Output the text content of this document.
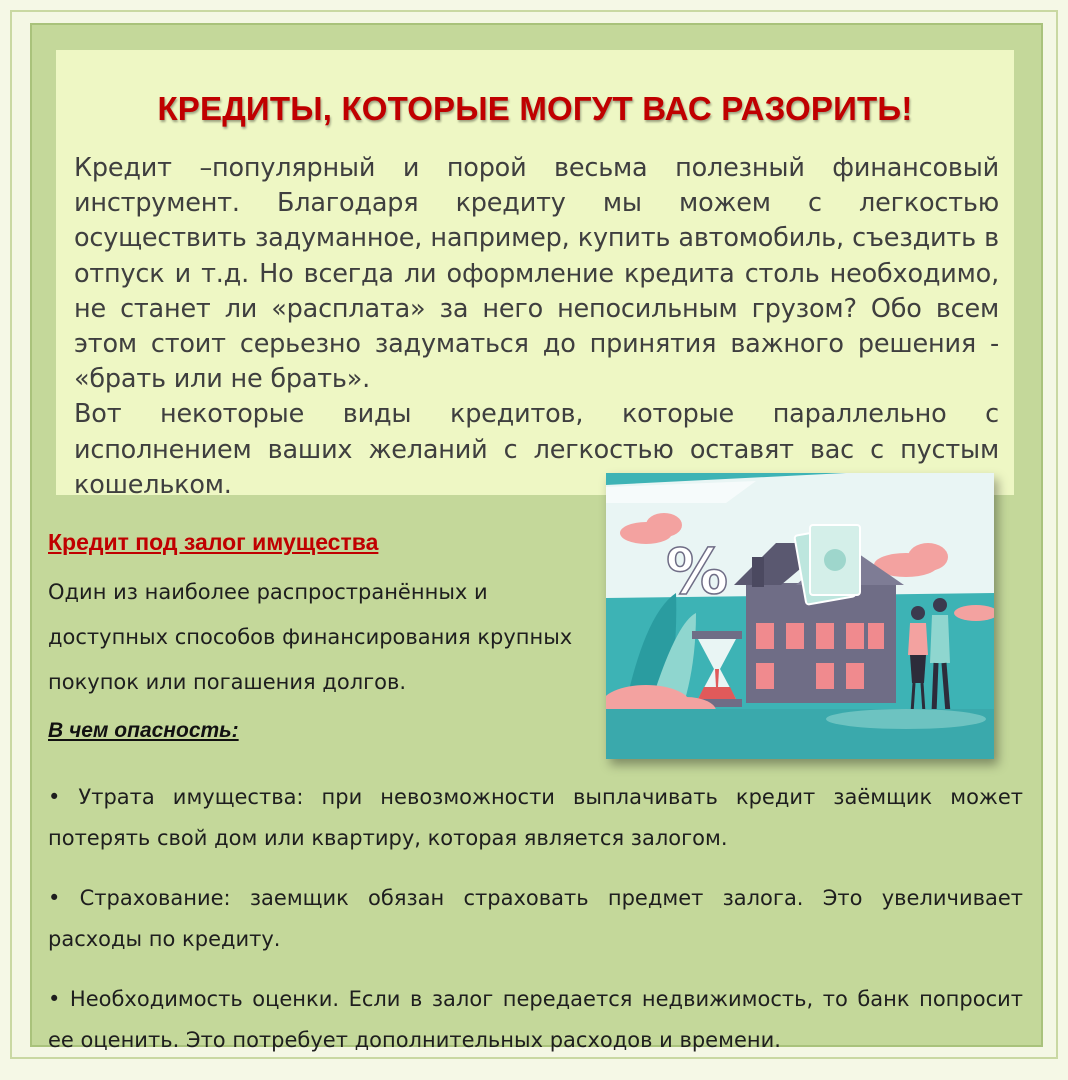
КРЕДИТЫ, КОТОРЫЕ МОГУТ ВАС РАЗОРИТЬ!

Кредит –популярный и порой весьма полезный финансовый инструмент. Благодаря кредиту мы можем с легкостью осуществить задуманное, например, купить автомобиль, съездить в отпуск и т.д. Но всегда ли оформление кредита столь необходимо, не станет ли «расплата» за него непосильным грузом? Обо всем этом стоит серьезно задуматься до принятия важного решения - «брать или не брать».

Вот некоторые виды кредитов, которые параллельно с исполнением ваших желаний с легкостью оставят вас с пустым кошельком.

%
Кредит под залог имущества
Один из наиболее распространённых и доступных способов финансирования крупных покупок или погашения долгов.
В чем опасность:
• Утрата имущества: при невозможности выплачивать кредит заёмщик может потерять свой дом или квартиру, которая является залогом.
• Страхование: заемщик обязан страховать предмет залога. Это увеличивает расходы по кредиту.
• Необходимость оценки. Если в залог передается недвижимость, то банк попросит ее оценить. Это потребует дополнительных расходов и времени.
